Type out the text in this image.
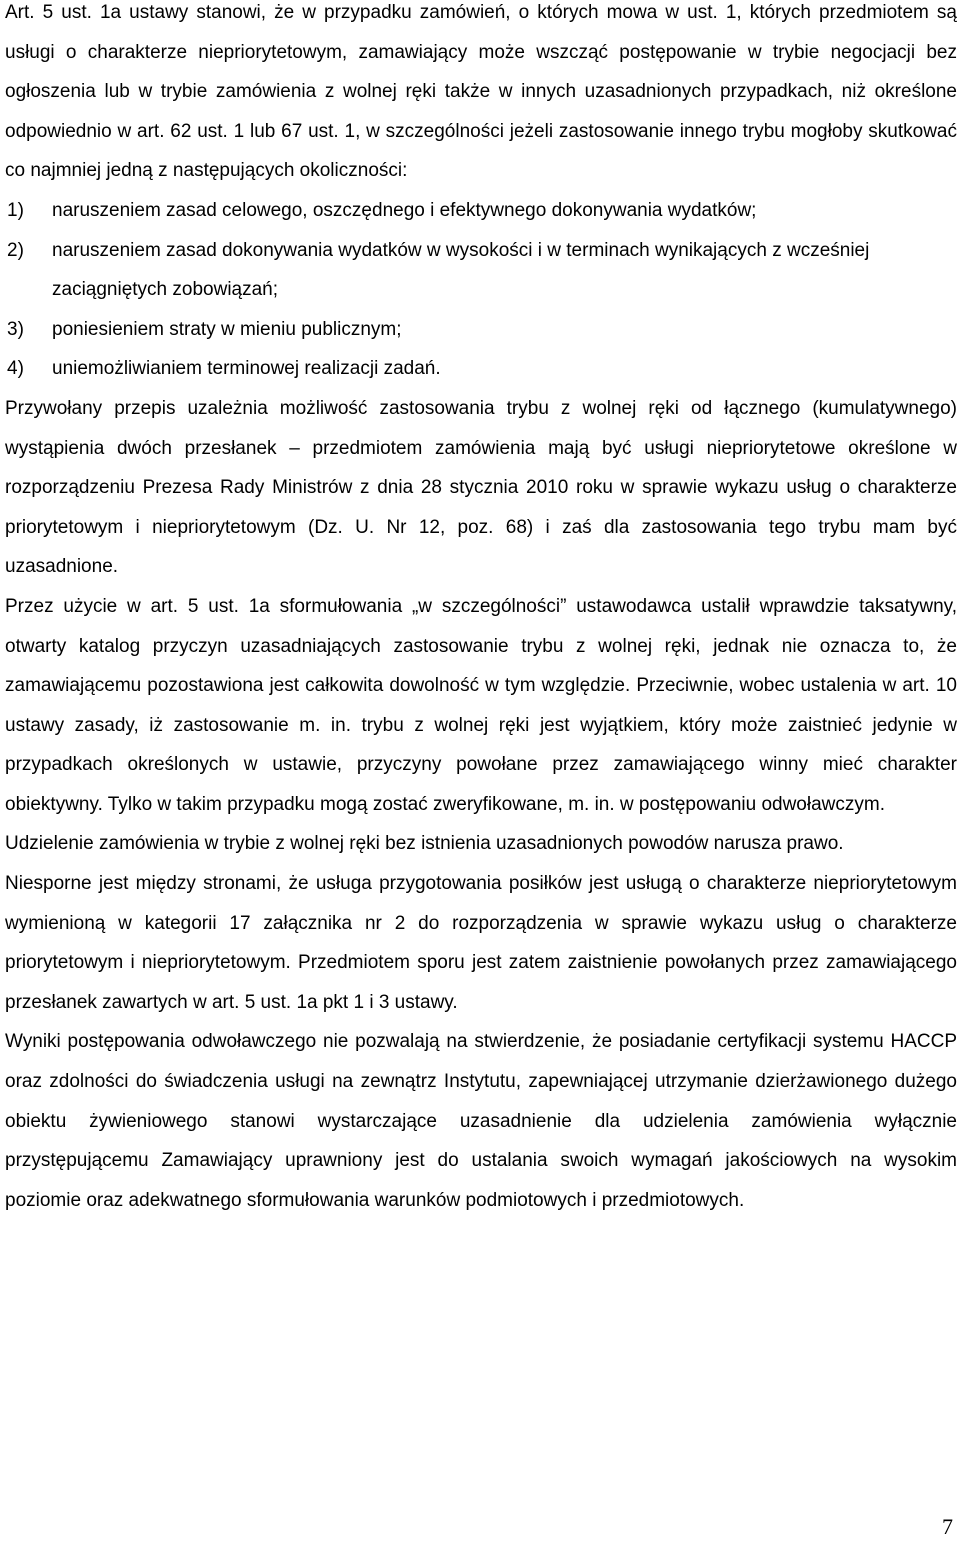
Art. 5 ust. 1a ustawy stanowi, że w przypadku zamówień, o których mowa w ust. 1, których przedmiotem są usługi o charakterze niepriorytetowym, zamawiający może wszcząć postępowanie w trybie negocjacji bez ogłoszenia lub w trybie zamówienia z wolnej ręki także w innych uzasadnionych przypadkach, niż określone odpowiednio w art. 62 ust. 1 lub 67 ust. 1, w szczególności jeżeli zastosowanie innego trybu mogłoby skutkować co najmniej jedną z następujących okoliczności:

1)	naruszeniem zasad celowego, oszczędnego i efektywnego dokonywania wydatków;
2)	naruszeniem zasad dokonywania wydatków w wysokości i w terminach wynikających z wcześniej zaciągniętych zobowiązań;
3)	poniesieniem straty w mieniu publicznym;
4)	uniemożliwianiem terminowej realizacji zadań.

Przywołany przepis uzależnia możliwość zastosowania trybu z wolnej ręki od łącznego (kumulatywnego) wystąpienia dwóch przesłanek – przedmiotem zamówienia mają być usługi niepriorytetowe określone w rozporządzeniu Prezesa Rady Ministrów z dnia 28 stycznia 2010 roku w sprawie wykazu usług o charakterze priorytetowym i niepriorytetowym (Dz. U. Nr 12, poz. 68) i zaś dla zastosowania tego trybu mam być uzasadnione.

Przez użycie w art. 5 ust. 1a sformułowania „w szczególności” ustawodawca ustalił wprawdzie taksatywny, otwarty katalog przyczyn uzasadniających zastosowanie trybu z wolnej ręki, jednak nie oznacza to, że zamawiającemu pozostawiona jest całkowita dowolność w tym względzie. Przeciwnie, wobec ustalenia w art. 10 ustawy zasady, iż zastosowanie m. in. trybu z wolnej ręki jest wyjątkiem, który może zaistnieć jedynie w przypadkach określonych w ustawie, przyczyny powołane przez zamawiającego winny mieć charakter obiektywny. Tylko w takim przypadku mogą zostać zweryfikowane, m. in. w postępowaniu odwoławczym.

Udzielenie zamówienia w trybie z wolnej ręki bez istnienia uzasadnionych powodów narusza prawo.

Niesporne jest między stronami, że usługa przygotowania posiłków jest usługą o charakterze niepriorytetowym wymienioną w kategorii 17 załącznika nr 2 do rozporządzenia w sprawie wykazu usług o charakterze priorytetowym i niepriorytetowym. Przedmiotem sporu jest zatem zaistnienie powołanych przez zamawiającego przesłanek zawartych w art. 5 ust. 1a pkt 1 i 3 ustawy.

Wyniki postępowania odwoławczego nie pozwalają na stwierdzenie, że posiadanie certyfikacji systemu HACCP oraz zdolności do świadczenia usługi na zewnątrz Instytutu, zapewniającej utrzymanie dzierżawionego dużego obiektu żywieniowego stanowi wystarczające uzasadnienie dla udzielenia zamówienia wyłącznie przystępującemu Zamawiający uprawniony jest do ustalania swoich wymagań jakościowych na wysokim poziomie oraz adekwatnego sformułowania warunków podmiotowych i przedmiotowych.

7
